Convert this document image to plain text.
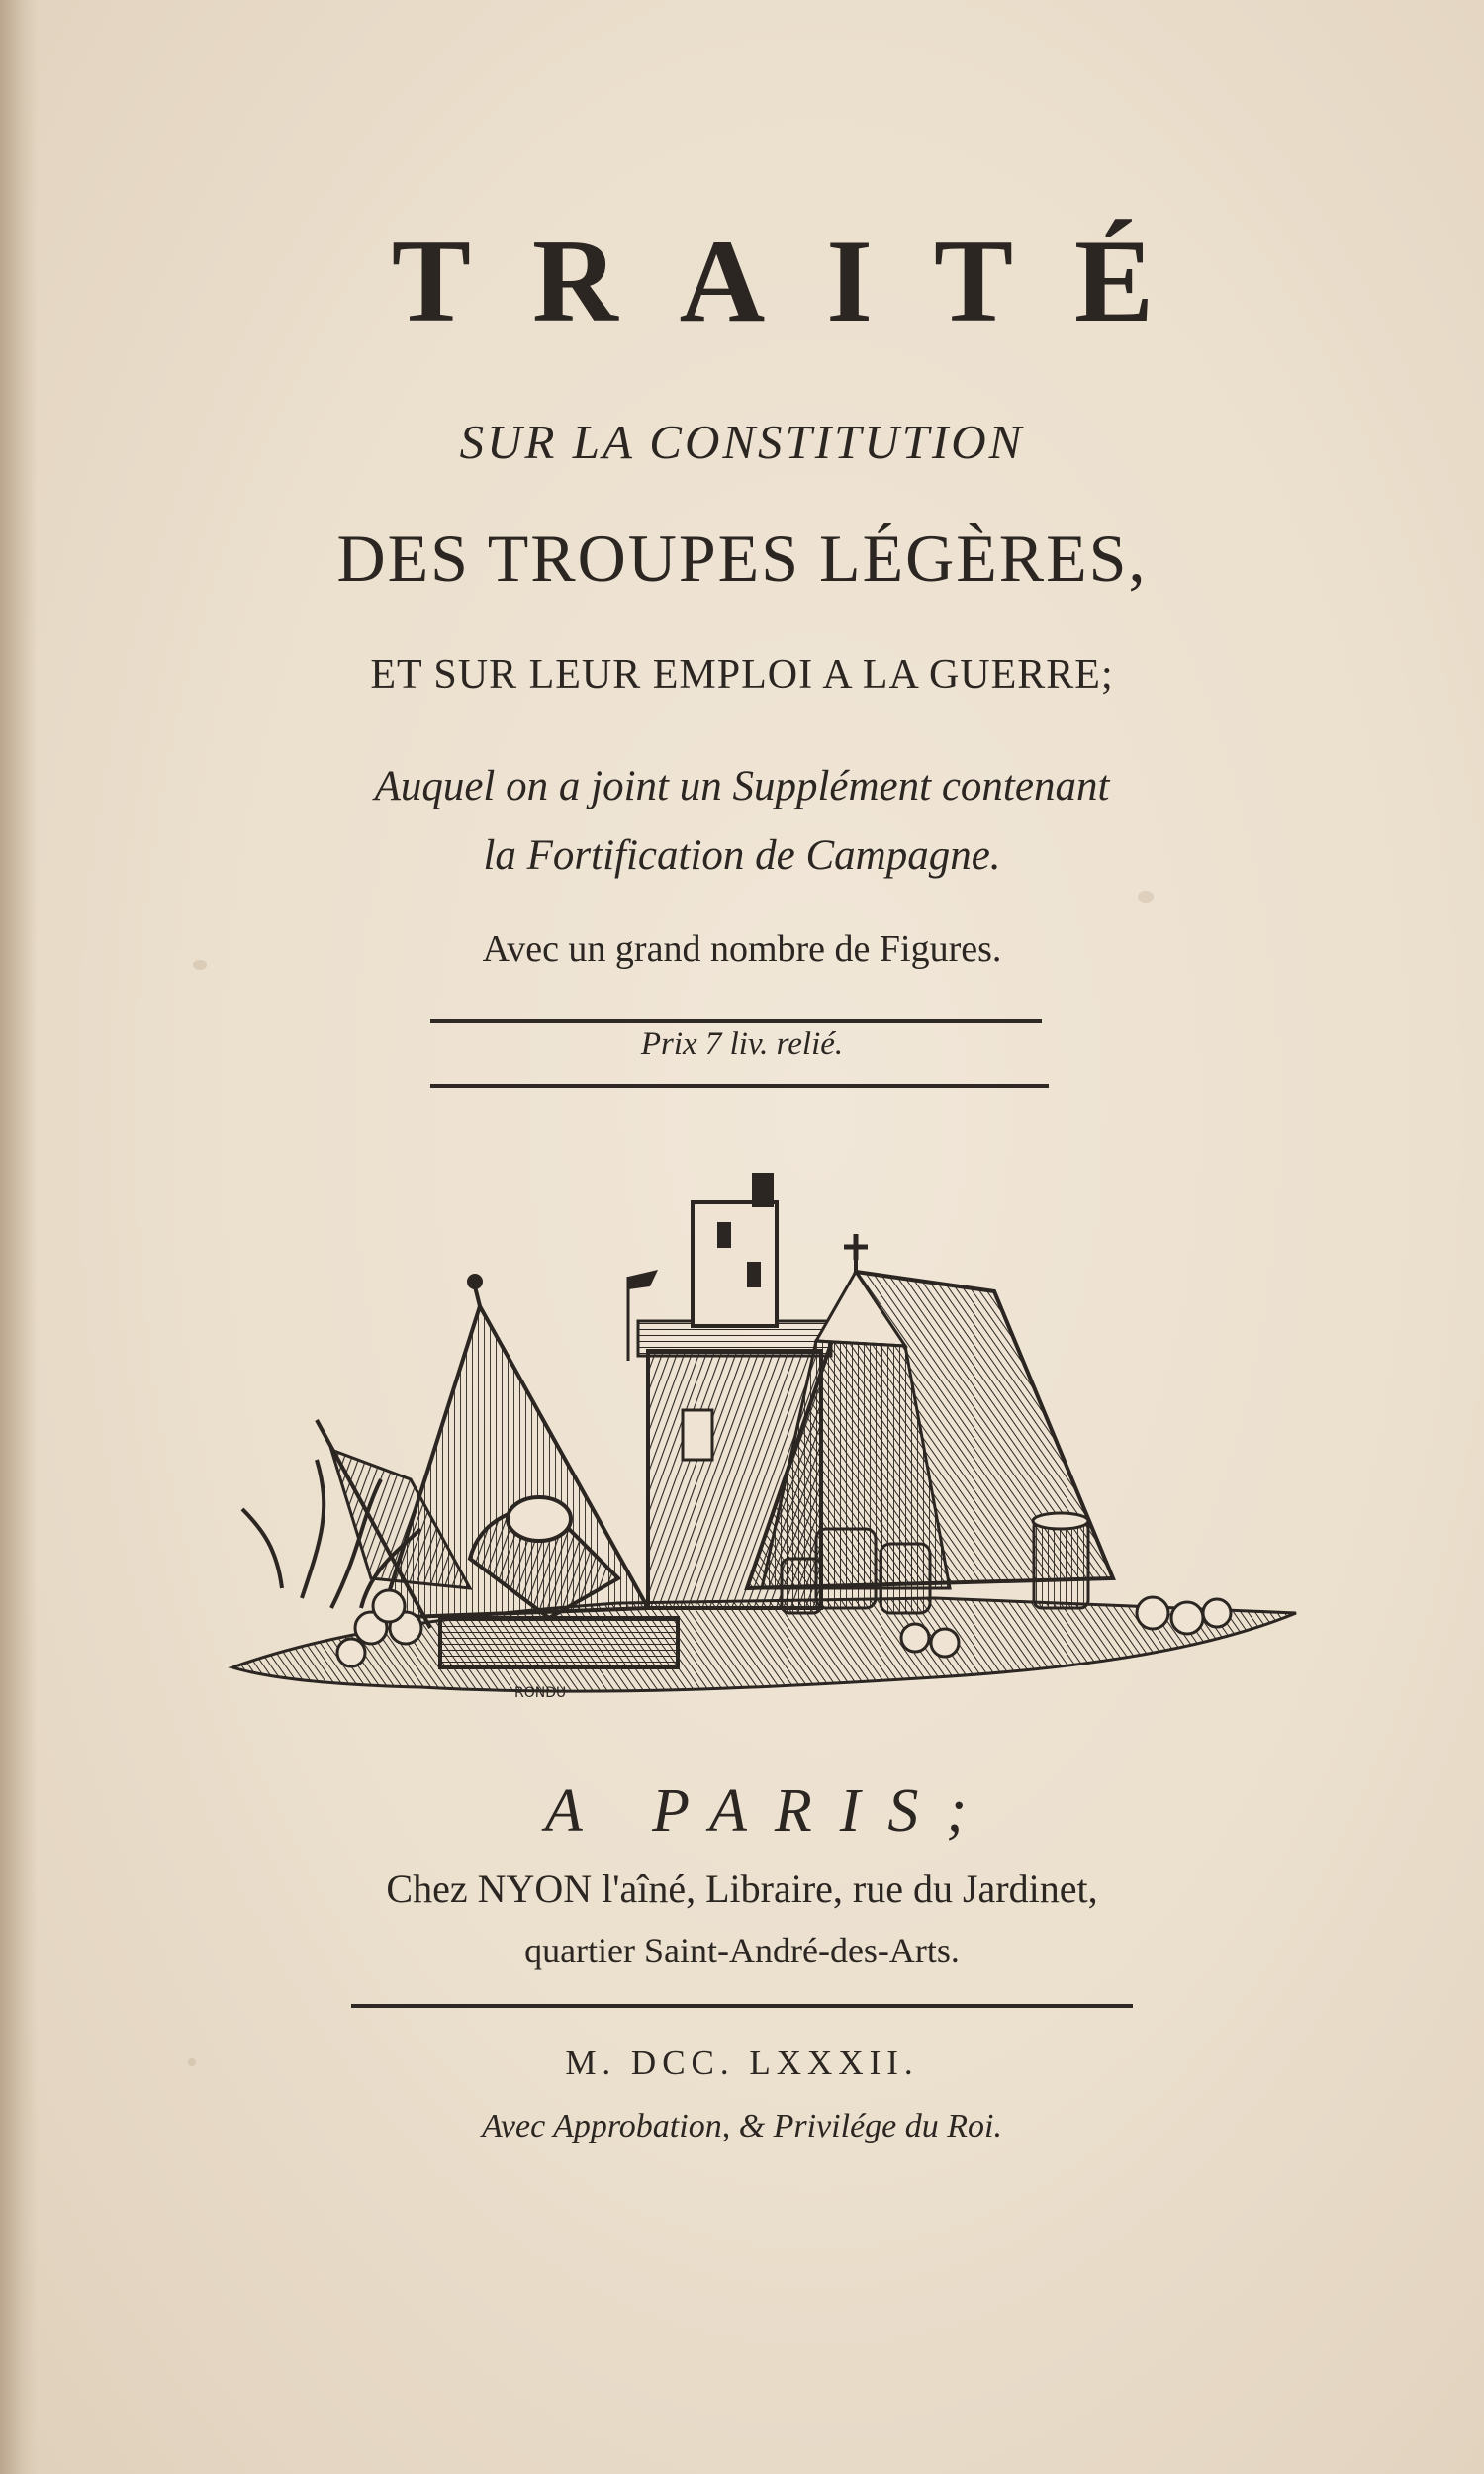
TRAITÉ
SUR LA CONSTITUTION
DES TROUPES LÉGÈRES,
ET SUR LEUR EMPLOI A LA GUERRE;
Auquel on a joint un Supplément contenant
la Fortification de Campagne.
Avec un grand nombre de Figures.
Prix 7 liv. relié.
RONDU
A PARIS;
Chez NYON l'aîné, Libraire, rue du Jardinet,
quartier Saint-André-des-Arts.
M. DCC. LXXXII.
Avec Approbation, & Privilége du Roi.
